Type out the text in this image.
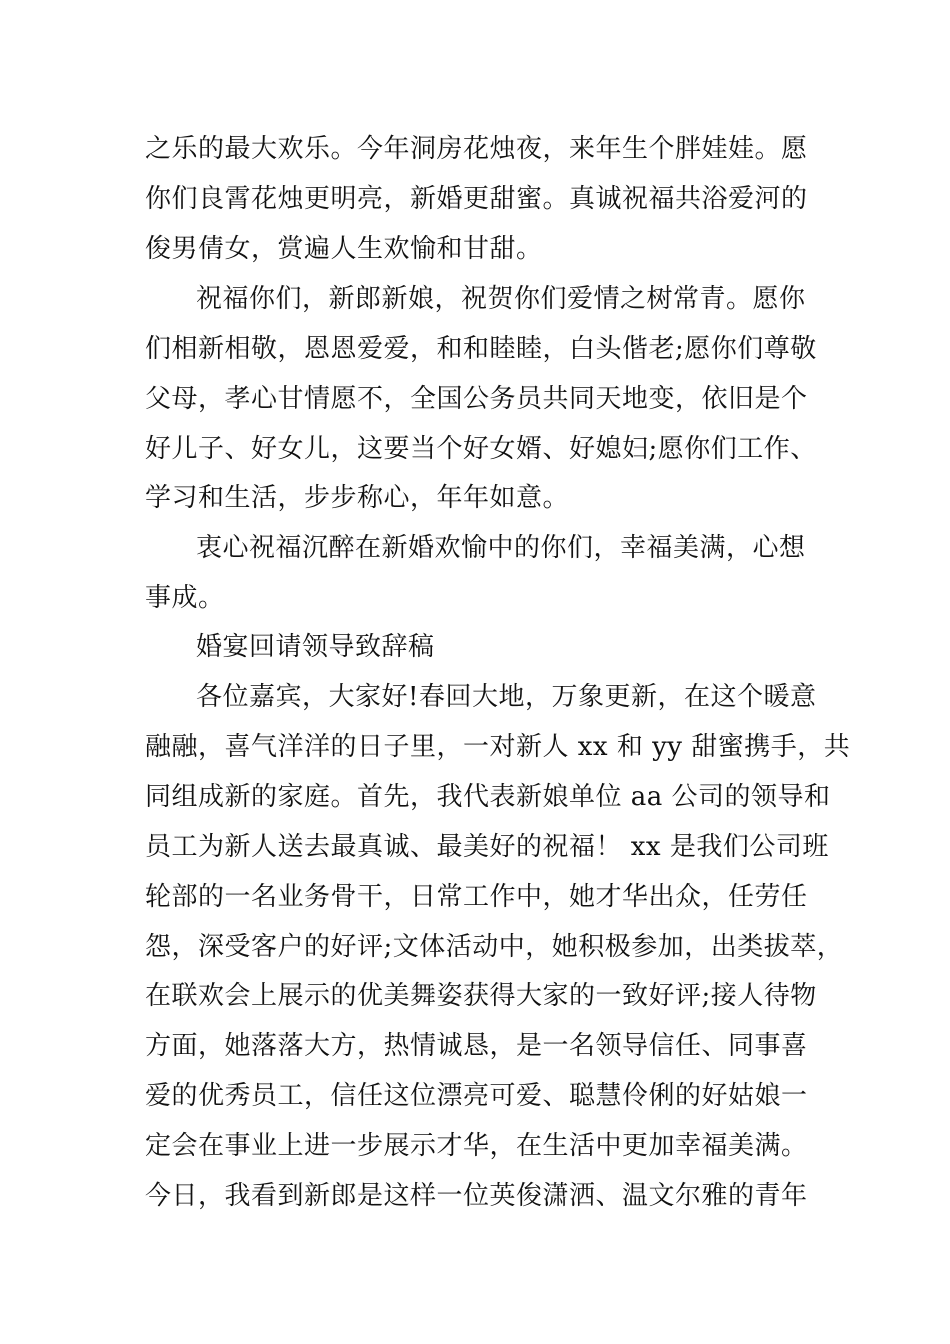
之乐的最大欢乐。今年洞房花烛夜，来年生个胖娃娃。愿
你们良霄花烛更明亮，新婚更甜蜜。真诚祝福共浴爱河的
俊男倩女，赏遍人生欢愉和甘甜。
祝福你们，新郎新娘，祝贺你们爱情之树常青。愿你
们相新相敬，恩恩爱爱，和和睦睦，白头偕老;愿你们尊敬
父母，孝心甘情愿不，全国公务员共同天地变，依旧是个
好儿子、好女儿，这要当个好女婿、好媳妇;愿你们工作、
学习和生活，步步称心，年年如意。
衷心祝福沉醉在新婚欢愉中的你们，幸福美满，心想
事成。
婚宴回请领导致辞稿
各位嘉宾，大家好!春回大地，万象更新，在这个暖意
融融，喜气洋洋的日子里，一对新人 xx 和 yy 甜蜜携手，共
同组成新的家庭。首先，我代表新娘单位 aa 公司的领导和
员工为新人送去最真诚、最美好的祝福！ xx 是我们公司班
轮部的一名业务骨干，日常工作中，她才华出众，任劳任
怨，深受客户的好评;文体活动中，她积极参加，出类拔萃，
在联欢会上展示的优美舞姿获得大家的一致好评;接人待物
方面，她落落大方，热情诚恳，是一名领导信任、同事喜
爱的优秀员工，信任这位漂亮可爱、聪慧伶俐的好姑娘一
定会在事业上进一步展示才华，在生活中更加幸福美满。
今日，我看到新郎是这样一位英俊潇洒、温文尔雅的青年
